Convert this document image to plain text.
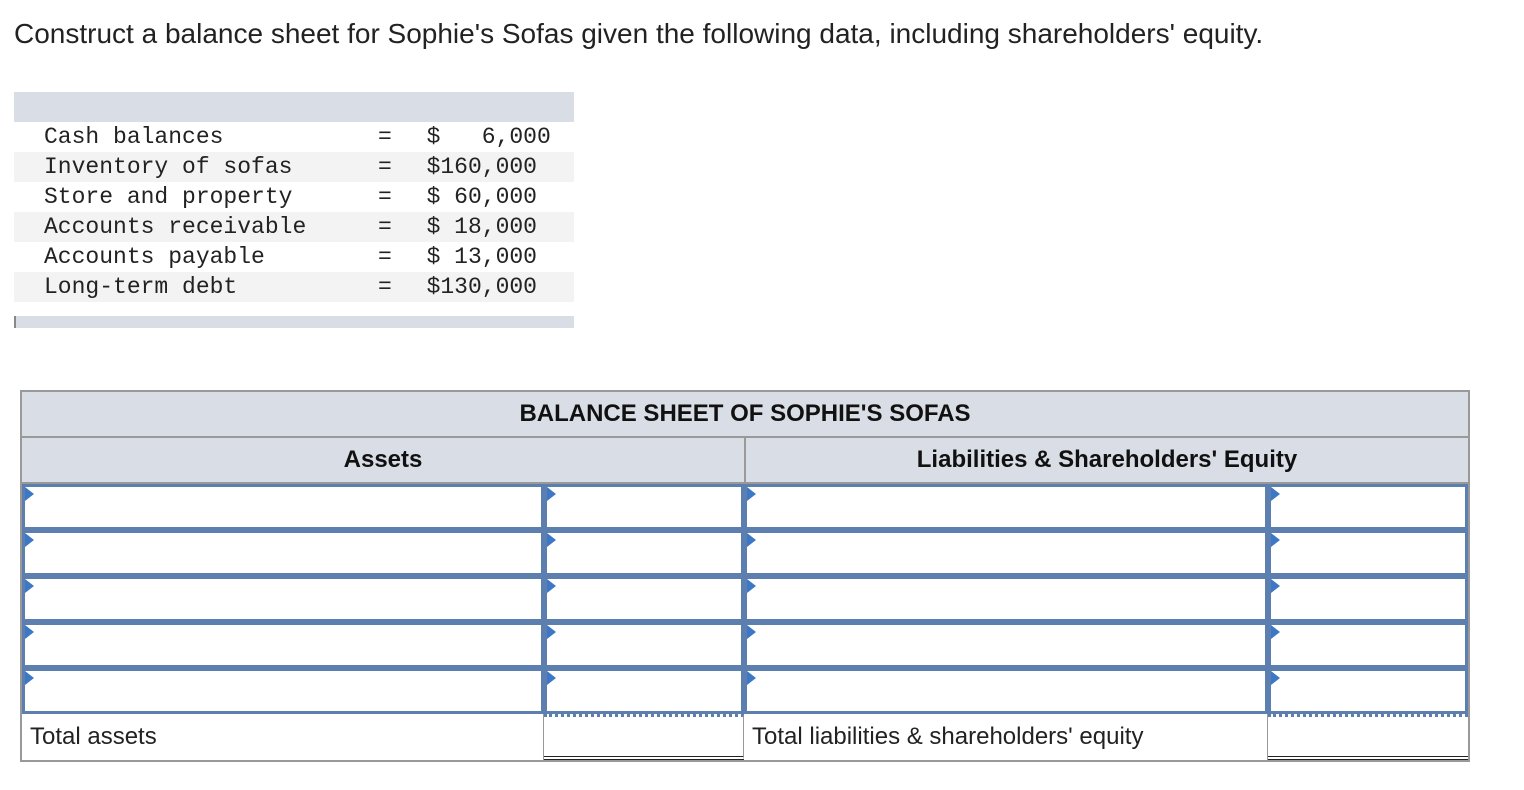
Construct a balance sheet for Sophie's Sofas given the following data, including shareholders' equity.
Cash balances	=	$   6,000
Inventory of sofas	=	$160,000
Store and property	=	$ 60,000
Accounts receivable	=	$ 18,000
Accounts payable	=	$ 13,000
Long-term debt	=	$130,000
BALANCE SHEET OF SOPHIE'S SOFAS
Assets	Liabilities & Shareholders' Equity
Total assets	Total liabilities & shareholders' equity
